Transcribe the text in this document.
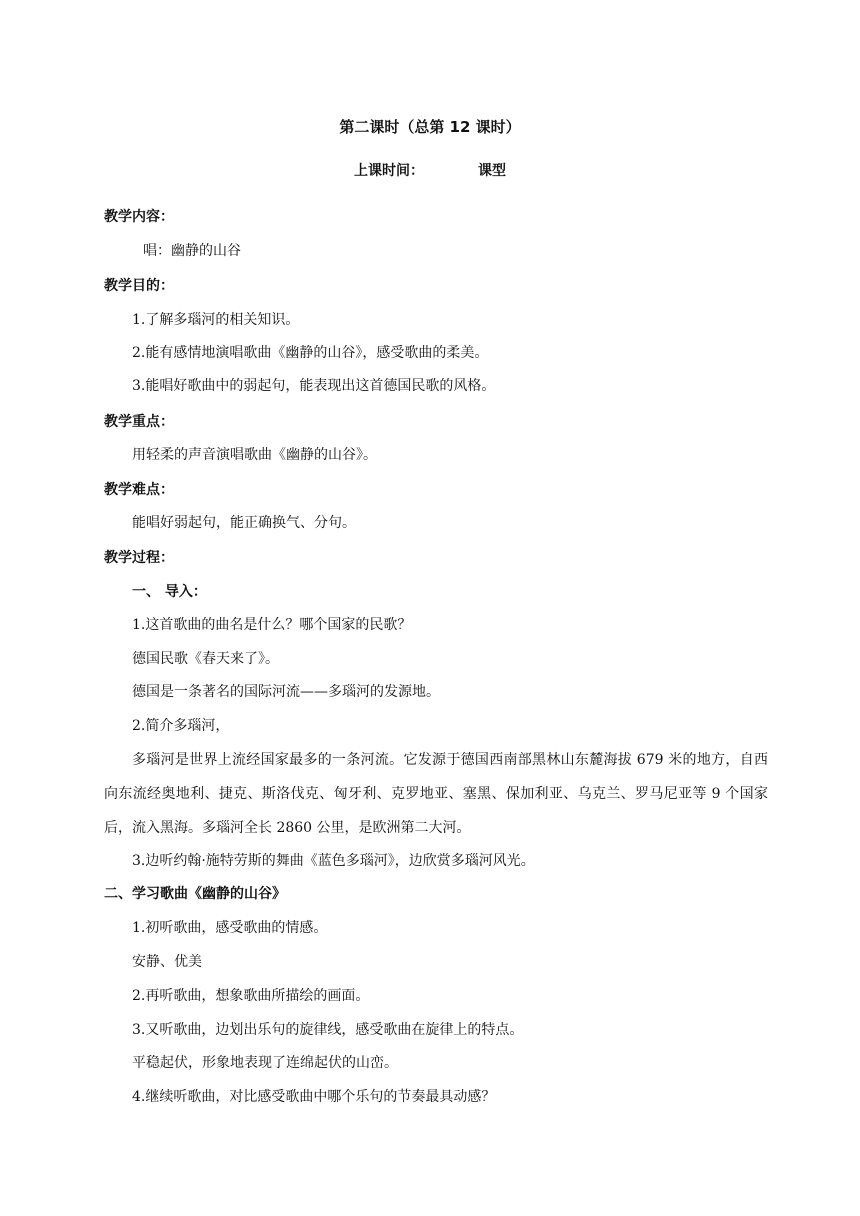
第二课时（总第 12 课时）
上课时间：	课型
教学内容：
唱：幽静的山谷
教学目的：
1.了解多瑙河的相关知识。
2.能有感情地演唱歌曲《幽静的山谷》，感受歌曲的柔美。
3.能唱好歌曲中的弱起句，能表现出这首德国民歌的风格。
教学重点：
用轻柔的声音演唱歌曲《幽静的山谷》。
教学难点：
能唱好弱起句，能正确换气、分句。
教学过程：
一、 导入：
1.这首歌曲的曲名是什么？哪个国家的民歌？
德国民歌《春天来了》。
德国是一条著名的国际河流——多瑙河的发源地。
2.简介多瑙河，
多瑙河是世界上流经国家最多的一条河流。它发源于德国西南部黑林山东麓海拔 679 米的地方，自西向东流经奥地利、捷克、斯洛伐克、匈牙利、克罗地亚、塞黑、保加利亚、乌克兰、罗马尼亚等 9 个国家后，流入黑海。多瑙河全长 2860 公里，是欧洲第二大河。
3.边听约翰·施特劳斯的舞曲《蓝色多瑙河》，边欣赏多瑙河风光。
二、学习歌曲《幽静的山谷》
1.初听歌曲，感受歌曲的情感。
安静、优美
2.再听歌曲，想象歌曲所描绘的画面。
3.又听歌曲，边划出乐句的旋律线，感受歌曲在旋律上的特点。
平稳起伏，形象地表现了连绵起伏的山峦。
4.继续听歌曲，对比感受歌曲中哪个乐句的节奏最具动感？
